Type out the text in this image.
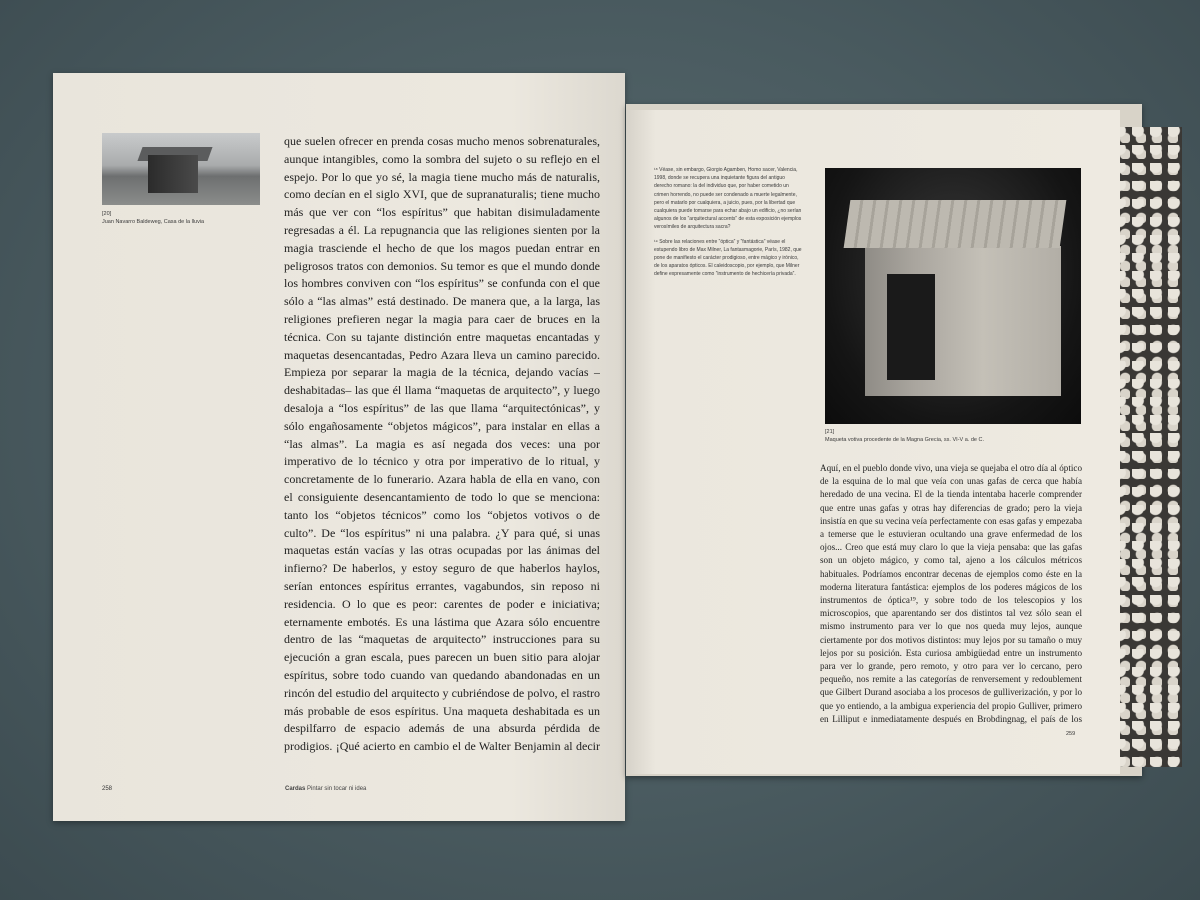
[20]
Juan Navarro Baldeweg, Casa de la lluvia

que suelen ofrecer en prenda cosas mucho menos sobrenaturales, aunque intangibles, como la sombra del sujeto o su reflejo en el espejo. Por lo que yo sé, la magia tiene mucho más de naturalis, como decían en el siglo XVI, que de supranaturalis; tiene mucho más que ver con “los espíritus” que habitan disimuladamente regresadas a él. La repugnancia que las religiones sienten por la magia trasciende el hecho de que los magos puedan entrar en peligrosos tratos con demonios. Su temor es que el mundo donde los hombres conviven con “los espíritus” se confunda con el que sólo a “las almas” está destinado. De manera que, a la larga, las religiones prefieren negar la magia para caer de bruces en la técnica. Con su tajante distinción entre maquetas encantadas y maquetas desencantadas, Pedro Azara lleva un camino parecido. Empieza por separar la magia de la técnica, dejando vacías –deshabitadas– las que él llama “maquetas de arquitecto”, y luego desaloja a “los espíritus” de las que llama “arquitectónicas”, y sólo engañosamente “objetos mágicos”, para instalar en ellas a “las almas”. La magia es así negada dos veces: una por imperativo de lo técnico y otra por imperativo de lo ritual, y concretamente de lo funerario. Azara habla de ella en vano, con el consiguiente desencantamiento de todo lo que se menciona: tanto los “objetos técnicos” como los “objetos votivos o de culto”. De “los espíritus” ni una palabra. ¿Y para qué, si unas maquetas están vacías y las otras ocupadas por las ánimas del infierno? De haberlos, y estoy seguro de que haberlos haylos, serían entonces espíritus errantes, vagabundos, sin reposo ni residencia. O lo que es peor: carentes de poder e iniciativa; eternamente embotés. Es una lástima que Azara sólo encuentre dentro de las “maquetas de arquitecto” instrucciones para su ejecución a gran escala, pues parecen un buen sitio para alojar espíritus, sobre todo cuando van quedando abandonadas en un rincón del estudio del arquitecto y cubriéndose de polvo, el rastro más probable de esos espíritus. Una maqueta deshabitada es un despilfarro de espacio además de una absurda pérdida de prodigios. ¡Qué acierto en cambio el de Walter Benjamin al decir

258	Cardas Pintar sin tocar ni idea

¹⁸ Véase, sin embargo, Giorgio Agamben, Homo sacer, Valencia, 1998, donde se recupera una inquietante figura del antiguo derecho romano: la del individuo que, por haber cometido un crimen horrendo, no puede ser condenado a muerte legalmente, pero el matarlo por cualquiera, a juicio, pues, por la libertad que cualquiera puede tomarse para echar abajo un edificio, ¿no serían algunos de los “arquitectural accents” de esta exposición ejemplos verosímiles de arquitectura sacra?

¹⁹ Sobre las relaciones entre “óptica” y “fantástica” véase el estupendo libro de Max Milner, La fantasmagorie, París, 1982, que pone de manifiesto el carácter prodigioso, entre mágico y irónico, de los aparatos ópticos. El caleidoscopio, por ejemplo, que Milner define expresamente como “instrumento de hechicería privada”.

[21]
Maqueta votiva procedente de la Magna Grecia, ss. VI-V a. de C.

Aquí, en el pueblo donde vivo, una vieja se quejaba el otro día al óptico de la esquina de lo mal que veía con unas gafas de cerca que había heredado de una vecina. El de la tienda intentaba hacerle comprender que entre unas gafas y otras hay diferencias de grado; pero la vieja insistía en que su vecina veía perfectamente con esas gafas y empezaba a temerse que le estuvieran ocultando una grave enfermedad de los ojos... Creo que está muy claro lo que la vieja pensaba: que las gafas son un objeto mágico, y como tal, ajeno a los cálculos métricos habituales. Podríamos encontrar decenas de ejemplos como éste en la moderna literatura fantástica: ejemplos de los poderes mágicos de los instrumentos de óptica¹⁹, y sobre todo de los telescopios y los microscopios, que aparentando ser dos distintos tal vez sólo sean el mismo instrumento para ver lo que nos queda muy lejos, aunque ciertamente por dos motivos distintos: muy lejos por su tamaño o muy lejos por su posición. Esta curiosa ambigüedad entre un instrumento para ver lo grande, pero remoto, y otro para ver lo cercano, pero pequeño, nos remite a las categorías de renversement y redoublement que Gilbert Durand asociaba a los procesos de gulliverización, y por lo que yo entiendo, a la ambigua experiencia del propio Gulliver, primero en Lilliput e inmediatamente después en Brobdingnag, el país de los

259
